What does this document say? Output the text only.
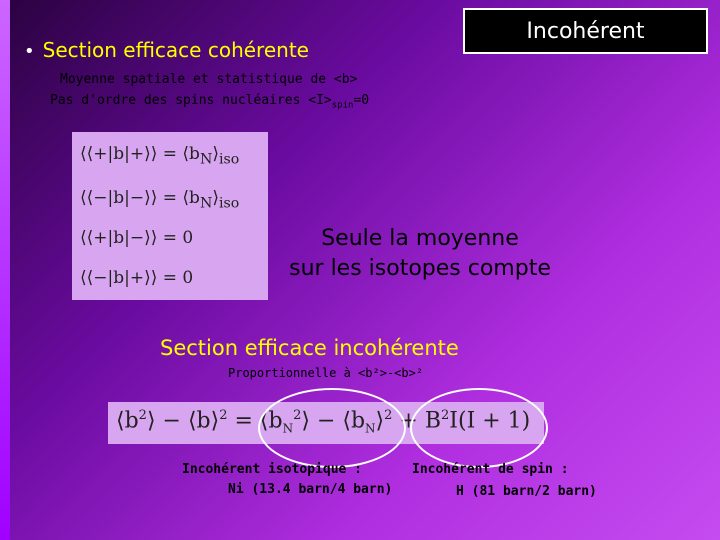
Incohérent
• Section efficace cohérente
Moyenne spatiale et statistique de <b>
Pas d'ordre des spins nucléaires $<I>_{spin}=0$
⟨⟨+|b|+⟩⟩ = $⟨b_N⟩_{iso}$
⟨⟨−|b|−⟩⟩ = $⟨b_N⟩_{iso}$
⟨⟨+|b|−⟩⟩ = 0
⟨⟨−|b|+⟩⟩ = 0
Seule la moyenne
sur les isotopes compte
Section efficace incohérente
Proportionnelle à <b²>-<b>²
$⟨b^2⟩$ − ⟨b⟩$^2$ = $⟨b_N^2⟩$ − $⟨b_N⟩^2 + B^2I(I + 1)$
Incohérent isotopique :
Ni (13.4 barn/4 barn)
Incohérent de spin :
H (81 barn/2 barn)
